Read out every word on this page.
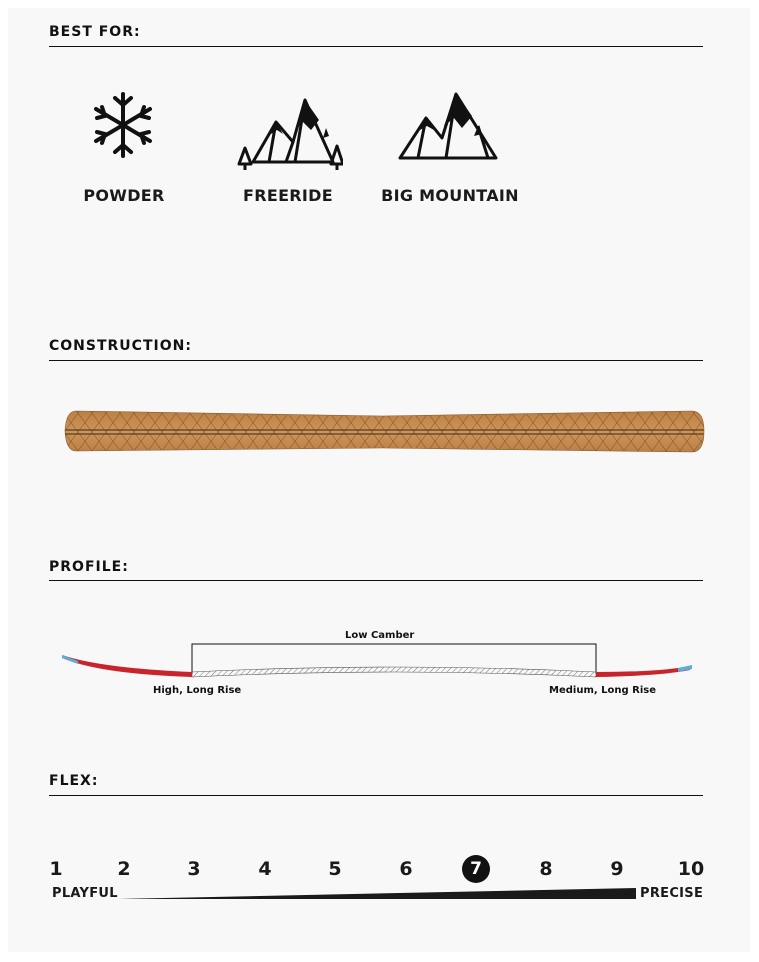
BEST FOR:
POWDER	FREERIDE	BIG MOUNTAIN
CONSTRUCTION:
PROFILE:
Low Camber
High, Long Rise	Medium, Long Rise
FLEX:
1	2	3	4	5	6	7	8	9	10
PLAYFUL	PRECISE
